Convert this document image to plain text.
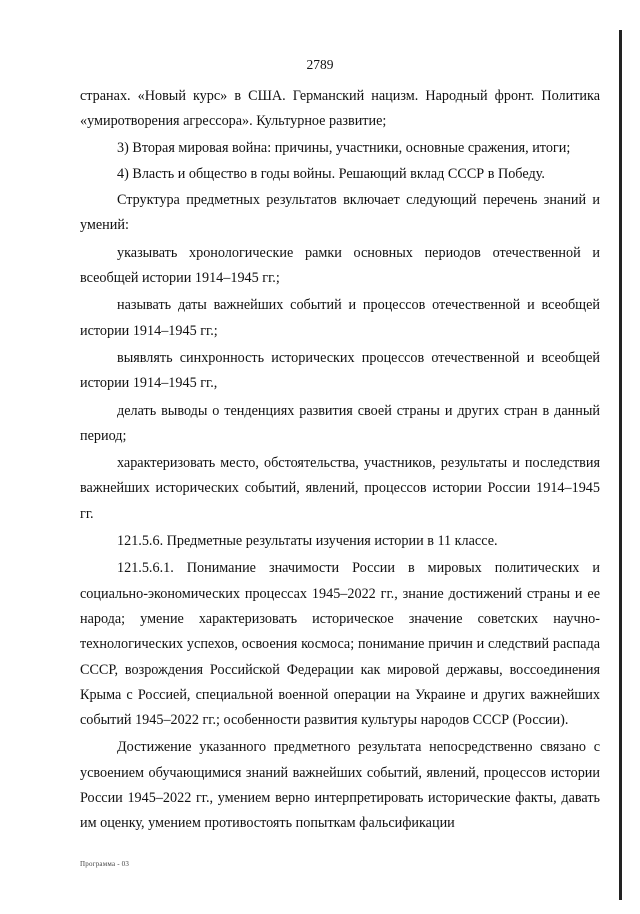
2789

странах. «Новый курс» в США. Германский нацизм. Народный фронт. Политика «умиротворения агрессора». Культурное развитие;

3) Вторая мировая война: причины, участники, основные сражения, итоги;

4) Власть и общество в годы войны. Решающий вклад СССР в Победу.

Структура предметных результатов включает следующий перечень знаний и умений:

указывать хронологические рамки основных периодов отечественной и всеобщей истории 1914–1945 гг.;

называть даты важнейших событий и процессов отечественной и всеобщей истории 1914–1945 гг.;

выявлять синхронность исторических процессов отечественной и всеобщей истории 1914–1945 гг.,

делать выводы о тенденциях развития своей страны и других стран в данный период;

характеризовать место, обстоятельства, участников, результаты и последствия важнейших исторических событий, явлений, процессов истории России 1914–1945 гг.

121.5.6. Предметные результаты изучения истории в 11 классе.

121.5.6.1. Понимание значимости России в мировых политических и социально-экономических процессах 1945–2022 гг., знание достижений страны и ее народа; умение характеризовать историческое значение советских научно-технологических успехов, освоения космоса; понимание причин и следствий распада СССР, возрождения Российской Федерации как мировой державы, воссоединения Крыма с Россией, специальной военной операции на Украине и других важнейших событий 1945–2022 гг.; особенности развития культуры народов СССР (России).

Достижение указанного предметного результата непосредственно связано с усвоением обучающимися знаний важнейших событий, явлений, процессов истории России 1945–2022 гг., умением верно интерпретировать исторические факты, давать им оценку, умением противостоять попыткам фальсификации

Программа - 03
